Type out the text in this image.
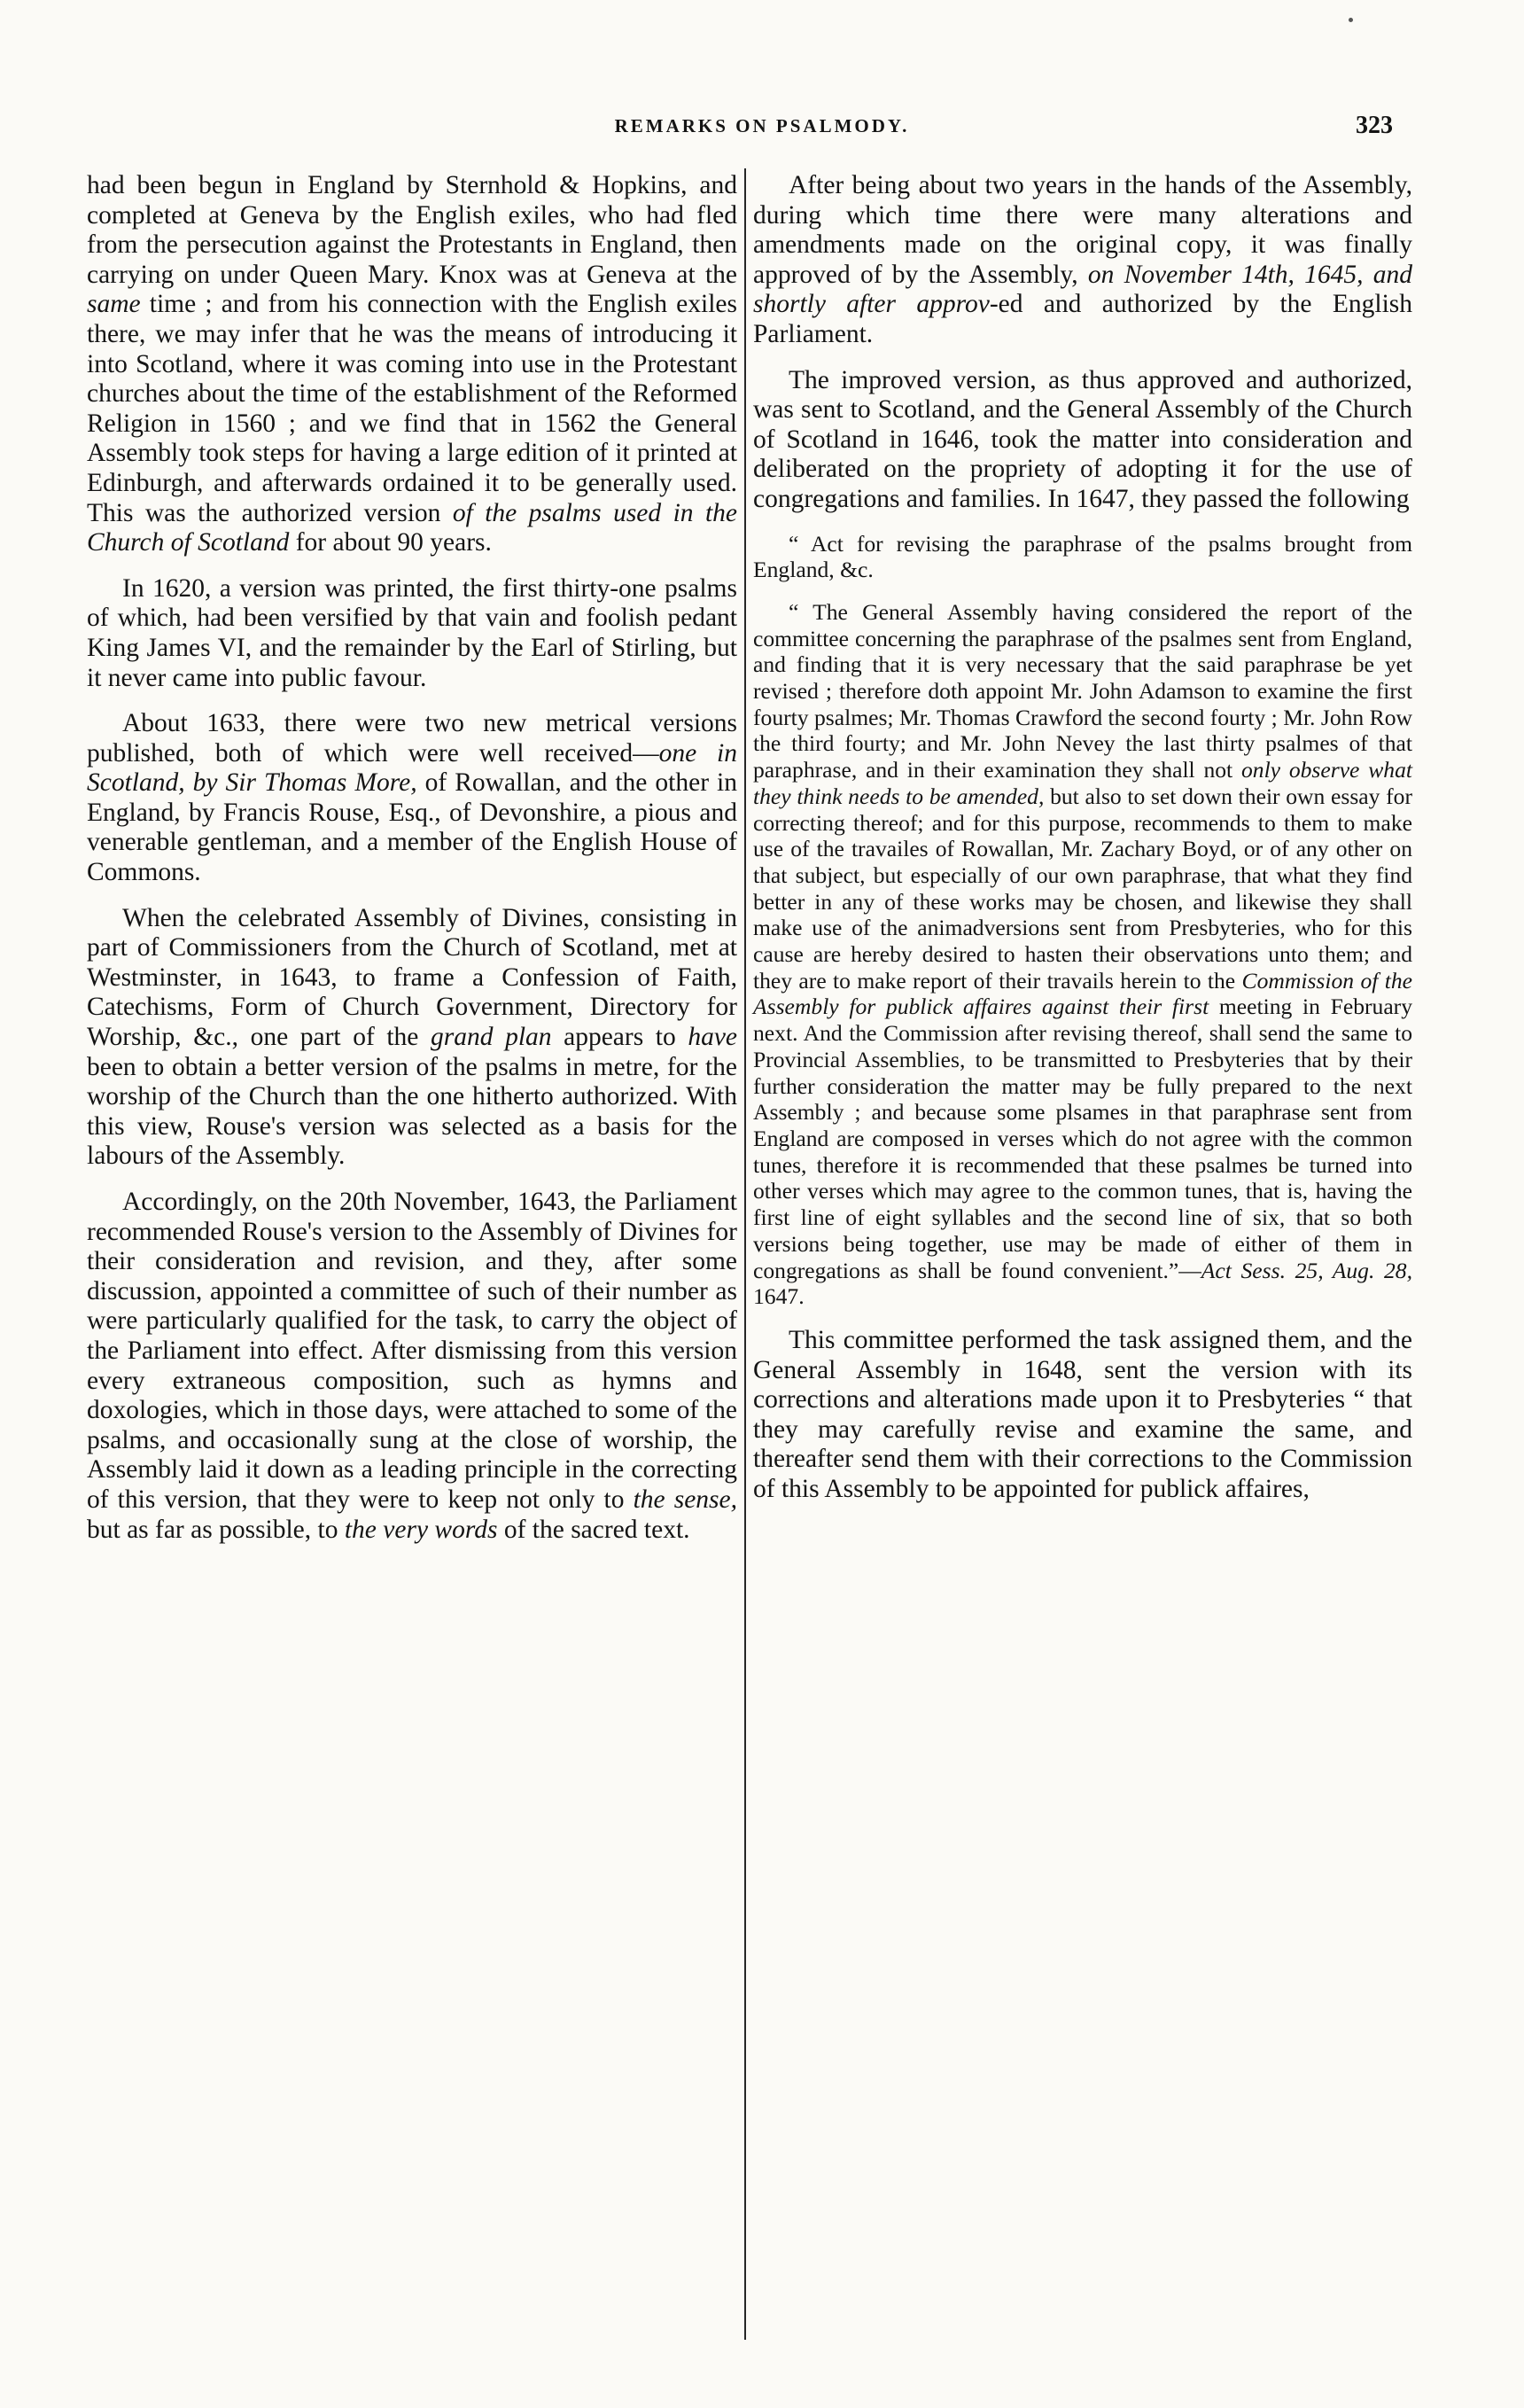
REMARKS ON PSALMODY.	323

had been begun in England by Sternhold & Hopkins, and completed at Geneva by the English exiles, who had fled from the persecution against the Protestants in England, then carrying on under Queen Mary. Knox was at Geneva at the same time ; and from his connection with the English exiles there, we may infer that he was the means of introducing it into Scotland, where it was coming into use in the Protestant churches about the time of the establishment of the Reformed Religion in 1560 ; and we find that in 1562 the General Assembly took steps for having a large edition of it printed at Edinburgh, and afterwards ordained it to be generally used. This was the authorized version of the psalms used in the Church of Scotland for about 90 years.

In 1620, a version was printed, the first thirty-one psalms of which, had been versified by that vain and foolish pedant King James VI, and the remainder by the Earl of Stirling, but it never came into public favour.

About 1633, there were two new metrical versions published, both of which were well received—one in Scotland, by Sir Thomas More, of Rowallan, and the other in England, by Francis Rouse, Esq., of Devonshire, a pious and venerable gentleman, and a member of the English House of Commons.

When the celebrated Assembly of Divines, consisting in part of Commissioners from the Church of Scotland, met at Westminster, in 1643, to frame a Confession of Faith, Catechisms, Form of Church Government, Directory for Worship, &c., one part of the grand plan appears to have been to obtain a better version of the psalms in metre, for the worship of the Church than the one hitherto authorized. With this view, Rouse's version was selected as a basis for the labours of the Assembly.

Accordingly, on the 20th November, 1643, the Parliament recommended Rouse's version to the Assembly of Divines for their consideration and revision, and they, after some discussion, appointed a committee of such of their number as were particularly qualified for the task, to carry the object of the Parliament into effect. After dismissing from this version every extraneous composition, such as hymns and doxologies, which in those days, were attached to some of the psalms, and occasionally sung at the close of worship, the Assembly laid it down as a leading principle in the correcting of this version, that they were to keep not only to the sense, but as far as possible, to the very words of the sacred text.

After being about two years in the hands of the Assembly, during which time there were many alterations and amendments made on the original copy, it was finally approved of by the Assembly, on November 14th, 1645, and shortly after approv-ed and authorized by the English Parliament.

The improved version, as thus approved and authorized, was sent to Scotland, and the General Assembly of the Church of Scotland in 1646, took the matter into consideration and deliberated on the propriety of adopting it for the use of congregations and families. In 1647, they passed the following

“ Act for revising the paraphrase of the psalms brought from England, &c.

“ The General Assembly having considered the report of the committee concerning the paraphrase of the psalmes sent from England, and finding that it is very necessary that the said paraphrase be yet revised ; therefore doth appoint Mr. John Adamson to examine the first fourty psalmes; Mr. Thomas Crawford the second fourty ; Mr. John Row the third fourty; and Mr. John Nevey the last thirty psalmes of that paraphrase, and in their examination they shall not only observe what they think needs to be amended, but also to set down their own essay for correcting thereof; and for this purpose, recommends to them to make use of the travailes of Rowallan, Mr. Zachary Boyd, or of any other on that subject, but especially of our own paraphrase, that what they find better in any of these works may be chosen, and likewise they shall make use of the animadversions sent from Presbyteries, who for this cause are hereby desired to hasten their observations unto them; and they are to make report of their travails herein to the Commission of the Assembly for publick affaires against their first meeting in February next. And the Commission after revising thereof, shall send the same to Provincial Assemblies, to be transmitted to Presbyteries that by their further consideration the matter may be fully prepared to the next Assembly ; and because some plsames in that paraphrase sent from England are composed in verses which do not agree with the common tunes, therefore it is recommended that these psalmes be turned into other verses which may agree to the common tunes, that is, having the first line of eight syllables and the second line of six, that so both versions being together, use may be made of either of them in congregations as shall be found convenient.”—Act Sess. 25, Aug. 28, 1647.

This committee performed the task assigned them, and the General Assembly in 1648, sent the version with its corrections and alterations made upon it to Presbyteries “ that they may carefully revise and examine the same, and thereafter send them with their corrections to the Commission of this Assembly to be appointed for publick affaires,
